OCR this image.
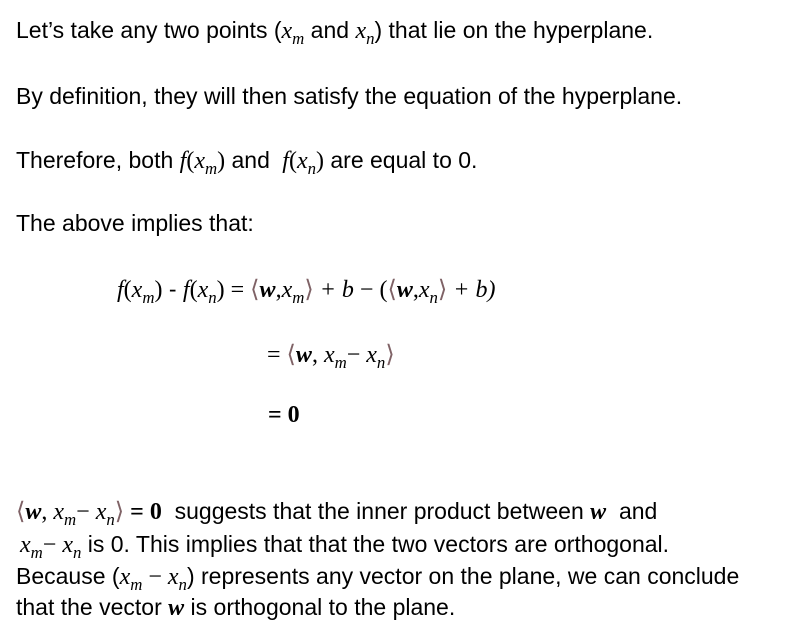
Let’s take any two points ($x_m$ and $x_n$) that lie on the hyperplane.
By definition, they will then satisfy the equation of the hyperplane.
Therefore, both $f(x_m)$ and $f(x_n)$ are equal to 0.
The above implies that:
$f(x_m) - f(x_n)$ = $⟨w,x_m⟩ + b$ − $(⟨w,x_n⟩ + b)$
= ⟨w, $x_m-$ $x_n⟩$
= 0
⟨w, $x_m-$ $x_n⟩ = 0$  suggests that the inner product between w  and
$x_m- x_n$ is 0. This implies that that the two vectors are orthogonal.
Because $(x_m - x_n)$ represents any vector on the plane, we can conclude
that the vector w is orthogonal to the plane.
